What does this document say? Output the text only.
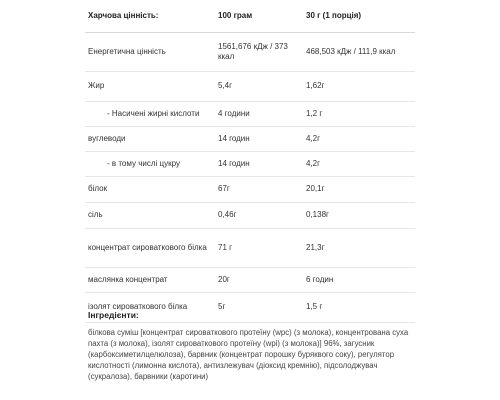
Харчова цінність:	100 грам	30 г (1 порція)
Енергетична цінність	1561,676 кДж / 373 ккал	468,503 кДж / 111,9 ккал
Жир	5,4г	1,62г
- Насичені жирні кислоти	4 години	1,2 г
вуглеводи	14 годин	4,2г
- в тому числі цукру	14 годин	4,2г
білок	67г	20,1г
сіль	0,46г	0,138г
концентрат сироваткового білка	71 г	21,3г
маслянка концентрат	20г	6 годин
ізолят сироваткового білка	5г	1,5 г
Інгредієнти:
білкова суміш [концентрат сироваткового протеїну (wpc) (з молока), концентрована суха пахта (з молока), ізолят сироваткового протеїну (wpi) (з молока)] 96%, загусник (карбоксиметилцелюлоза), барвник (концентрат порошку буряквого соку), регулятор кислотності (лимонна кислота), антизлежувач (діоксид кремнію), підсолоджувач (сукралоза), барвники (каротини)
